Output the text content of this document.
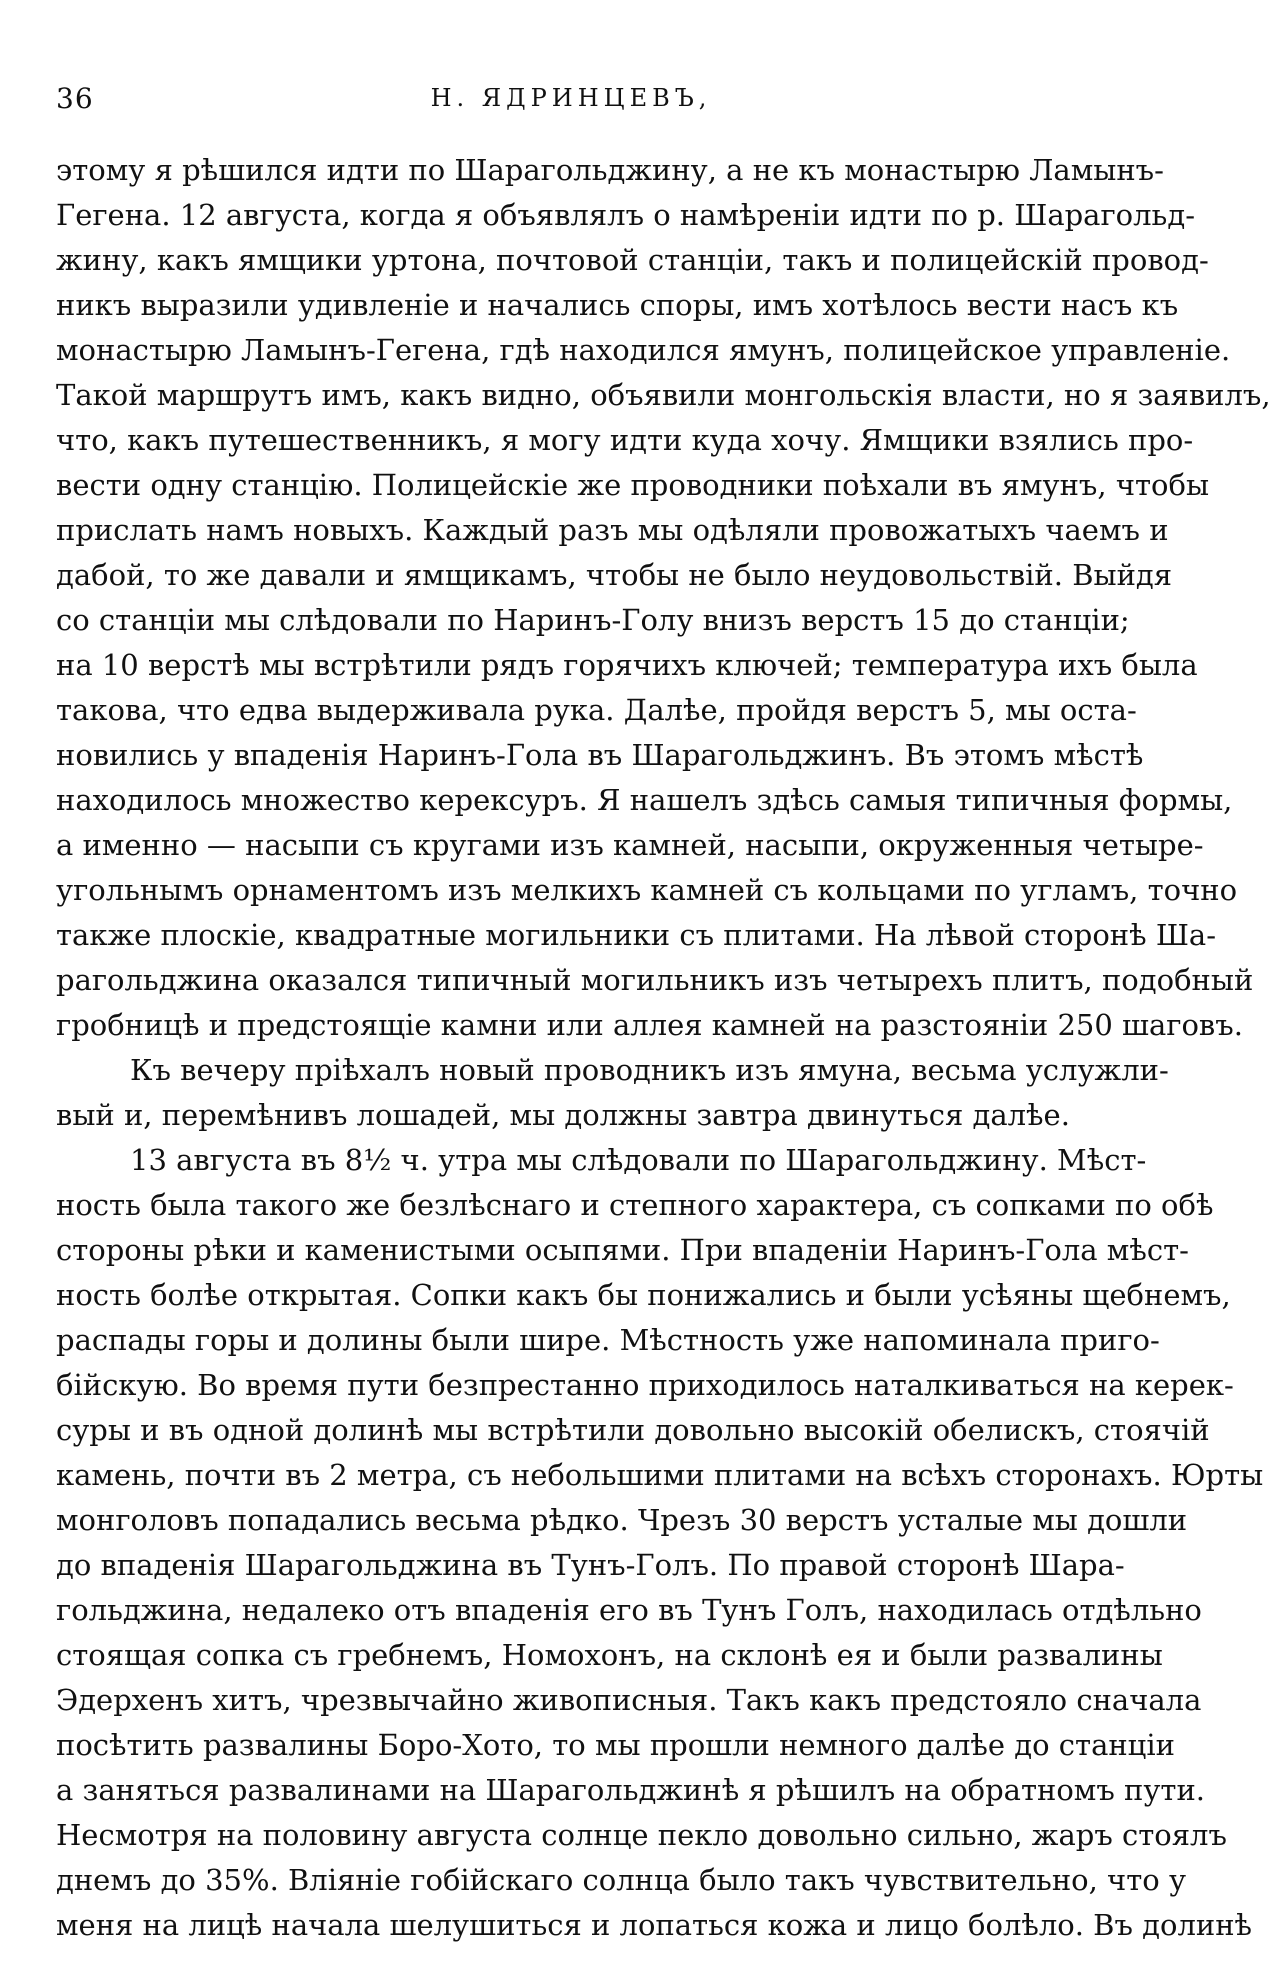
36	Н. ЯДРИНЦЕВЪ,
этому я рѣшился идти по Шарагольджину, а не къ монастырю Ламынъ-
Гегена. 12 августа, когда я объявлялъ о намѣреніи идти по р. Шарагольд-
жину, какъ ямщики уртона, почтовой станціи, такъ и полицейскій провод-
никъ выразили удивленіе и начались споры, имъ хотѣлось вести насъ къ
монастырю Ламынъ-Гегена, гдѣ находился ямунъ, полицейское управленіе.
Такой маршрутъ имъ, какъ видно, объявили монгольскія власти, но я заявилъ,
что, какъ путешественникъ, я могу идти куда хочу. Ямщики взялись про-
вести одну станцію. Полицейскіе же проводники поѣхали въ ямунъ, чтобы
прислать намъ новыхъ. Каждый разъ мы одѣляли провожатыхъ чаемъ и
дабой, то же давали и ямщикамъ, чтобы не было неудовольствій. Выйдя
со станціи мы слѣдовали по Наринъ-Голу внизъ верстъ 15 до станціи;
на 10 верстѣ мы встрѣтили рядъ горячихъ ключей; температура ихъ была
такова, что едва выдерживала рука. Далѣе, пройдя верстъ 5, мы оста-
новились у впаденія Наринъ-Гола въ Шарагольджинъ. Въ этомъ мѣстѣ
находилось множество керексуръ. Я нашелъ здѣсь самыя типичныя формы,
а именно — насыпи съ кругами изъ камней, насыпи, окруженныя четыре-
угольнымъ орнаментомъ изъ мелкихъ камней съ кольцами по угламъ, точно
также плоскіе, квадратные могильники съ плитами. На лѣвой сторонѣ Ша-
рагольджина оказался типичный могильникъ изъ четырехъ плитъ, подобный
гробницѣ и предстоящіе камни или аллея камней на разстояніи 250 шаговъ.
Къ вечеру пріѣхалъ новый проводникъ изъ ямуна, весьма услужли-
вый и, перемѣнивъ лошадей, мы должны завтра двинуться далѣе.
13 августа въ 8½ ч. утра мы слѣдовали по Шарагольджину. Мѣст-
ность была такого же безлѣснаго и степного характера, съ сопками по обѣ
стороны рѣки и каменистыми осыпями. При впаденіи Наринъ-Гола мѣст-
ность болѣе открытая. Сопки какъ бы понижались и были усѣяны щебнемъ,
распады горы и долины были шире. Мѣстность уже напоминала приго-
бійскую. Во время пути безпрестанно приходилось наталкиваться на керек-
суры и въ одной долинѣ мы встрѣтили довольно высокій обелискъ, стоячій
камень, почти въ 2 метра, съ небольшими плитами на всѣхъ сторонахъ. Юрты
монголовъ попадались весьма рѣдко. Чрезъ 30 верстъ усталые мы дошли
до впаденія Шарагольджина въ Тунъ-Голъ. По правой сторонѣ Шара-
гольджина, недалеко отъ впаденія его въ Тунъ Голъ, находилась отдѣльно
стоящая сопка съ гребнемъ, Номохонъ, на склонѣ ея и были развалины
Эдерхенъ хитъ, чрезвычайно живописныя. Такъ какъ предстояло сначала
посѣтить развалины Боро-Хото, то мы прошли немного далѣе до станціи
а заняться развалинами на Шарагольджинѣ я рѣшилъ на обратномъ пути.
Несмотря на половину августа солнце пекло довольно сильно, жаръ стоялъ
днемъ до 35%. Вліяніе гобійскаго солнца было такъ чувствительно, что у
меня на лицѣ начала шелушиться и лопаться кожа и лицо болѣло. Въ долинѣ
